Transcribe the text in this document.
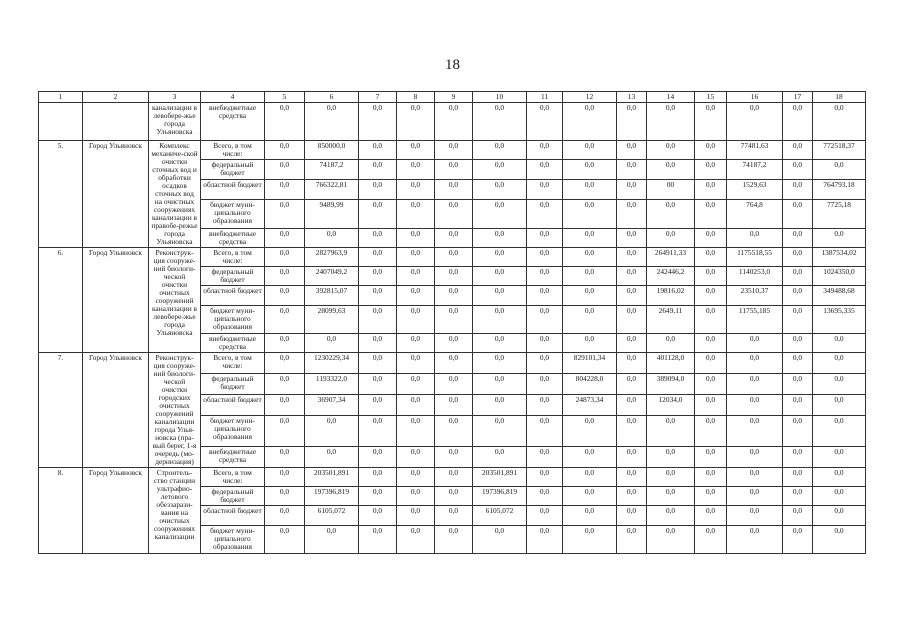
18
1	2	3	4	5	6	7	8	9	10	11	12	13	14	15	16	17	18
		канализации в левобере-жье города Ульяновска	внебюджетные средства	0,0	0,0	0,0	0,0	0,0	0,0	0,0	0,0	0,0	0,0	0,0	0,0	0,0	0,0
5.	Город Ульяновск	Комплекс механиче-ской очистки сточных вод и обработки осадков сточных вод на очистных сооружениях канализации в правобе-режье города Ульяновска	Всего, в том числе:	0,0	850000,0	0,0	0,0	0,0	0,0	0,0	0,0	0,0	0,0	0,0	77481,63	0,0	772518,37
			федеральный бюджет	0,0	74187,2	0,0	0,0	0,0	0,0	0,0	0,0	0,0	0,0	0,0	74187,2	0,0	0,0
			областной бюджет	0,0	766322,81	0,0	0,0	0,0	0,0	0,0	0,0	0,0	00	0,0	1529,63	0,0	764793,18
			бюджет муни-ципального образования	0,0	9489,99	0,0	0,0	0,0	0,0	0,0	0,0	0,0	0,0	0,0	764,8	0,0	7725,18
			внебюджетные средства	0,0	0,0	0,0	0,0	0,0	0,0	0,0	0,0	0,0	0,0	0,0	0,0	0,0	0,0
6.	Город Ульяновск	Реконструк-ция сооруже-ний биологи-ческой очистки очистных сооружений канализации в левобере-жье города Ульяновска	Всего, в том числе:	0,0	2827963,9	0,0	0,0	0,0	0,0	0,0	0,0	0,0	264911,33	0,0	1175518,55	0,0	1387534,02
			федеральный бюджет	0,0	2407049,2	0,0	0,0	0,0	0,0	0,0	0,0	0,0	242446,2	0,0	1140253,0	0,0	1024350,0
			областной бюджет	0,0	392815,07	0,0	0,0	0,0	0,0	0,0	0,0	0,0	19816,02	0,0	23510,37	0,0	349488,68
			бюджет муни-ципального образования	0,0	28099,63	0,0	0,0	0,0	0,0	0,0	0,0	0,0	2649,11	0,0	11755,185	0,0	13695,335
			внебюджетные средства	0,0	0,0	0,0	0,0	0,0	0,0	0,0	0,0	0,0	0,0	0,0	0,0	0,0	0,0
7.	Город Ульяновск	Реконструк-ция сооруже-ний биологи-ческой очистки городских очистных сооружений канализации города Улья-новска (пра-вый берег, 1-я очередь (мо-дернизация)	Всего, в том числе:	0,0	1230229,34	0,0	0,0	0,0	0,0	0,0	829101,34	0,0	401128,0	0,0	0,0	0,0	0,0
			федеральный бюджет	0,0	1193322,0	0,0	0,0	0,0	0,0	0,0	804228,0	0,0	389094,0	0,0	0,0	0,0	0,0
			областной бюджет	0,0	36907,34	0,0	0,0	0,0	0,0	0,0	24873,34	0,0	12034,0	0,0	0,0	0,0	0,0
			бюджет муни-ципального образования	0,0	0,0	0,0	0,0	0,0	0,0	0,0	0,0	0,0	0,0	0,0	0,0	0,0	0,0
			внебюджетные средства	0,0	0,0	0,0	0,0	0,0	0,0	0,0	0,0	0,0	0,0	0,0	0,0	0,0	0,0
8.	Город Ульяновск	Строитель-ство станции ультрафио-летового обеззарази-вания на очистных сооружениях канализации	Всего, в том числе:	0,0	203501,891	0,0	0,0	0,0	203501,891	0,0	0,0	0,0	0,0	0,0	0,0	0,0	0,0
			федеральный бюджет	0,0	197396,819	0,0	0,0	0,0	197396,819	0,0	0,0	0,0	0,0	0,0	0,0	0,0	0,0
			областной бюджет	0,0	6105,072	0,0	0,0	0,0	6105,072	0,0	0,0	0,0	0,0	0,0	0,0	0,0	0,0
			бюджет муни-ципального образования	0,0	0,0	0,0	0,0	0,0	0,0	0,0	0,0	0,0	0,0	0,0	0,0	0,0	0,0
